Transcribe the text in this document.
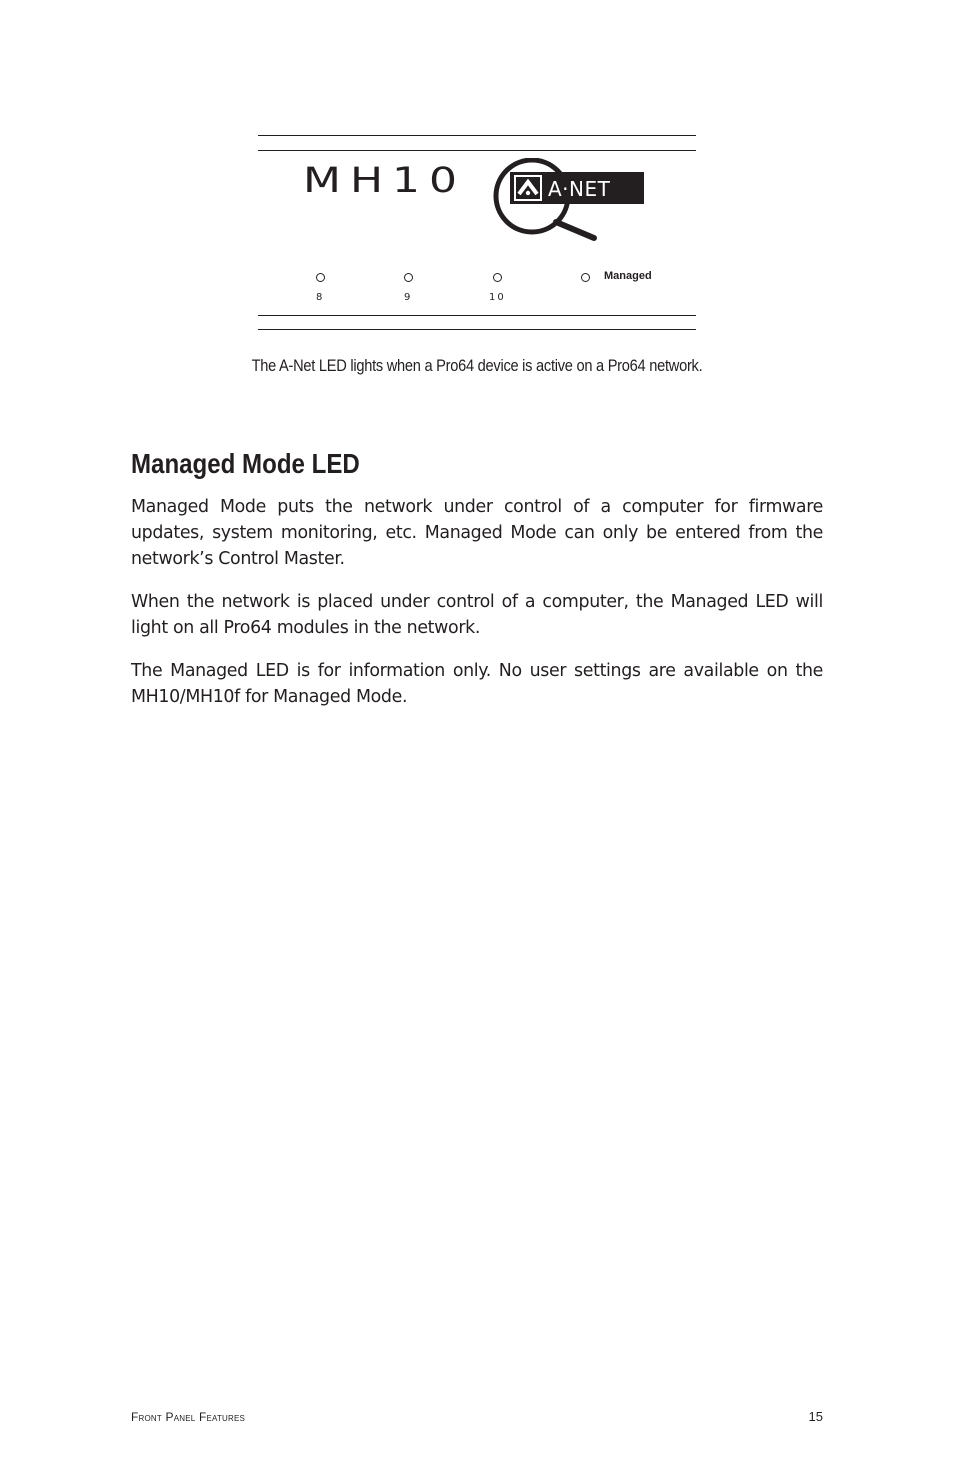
MH10	A·NET
Managed
8	9	10
The A-Net LED lights when a Pro64 device is active on a Pro64 network.
Managed Mode LED
Managed Mode puts the network under control of a computer for firmware updates, system monitoring, etc. Managed Mode can only be entered from the network’s Control Master.
When the network is placed under control of a computer, the Managed LED will light on all Pro64 modules in the network.
The Managed LED is for information only. No user settings are available on the MH10/MH10f for Managed Mode.
Front Panel Features	15
